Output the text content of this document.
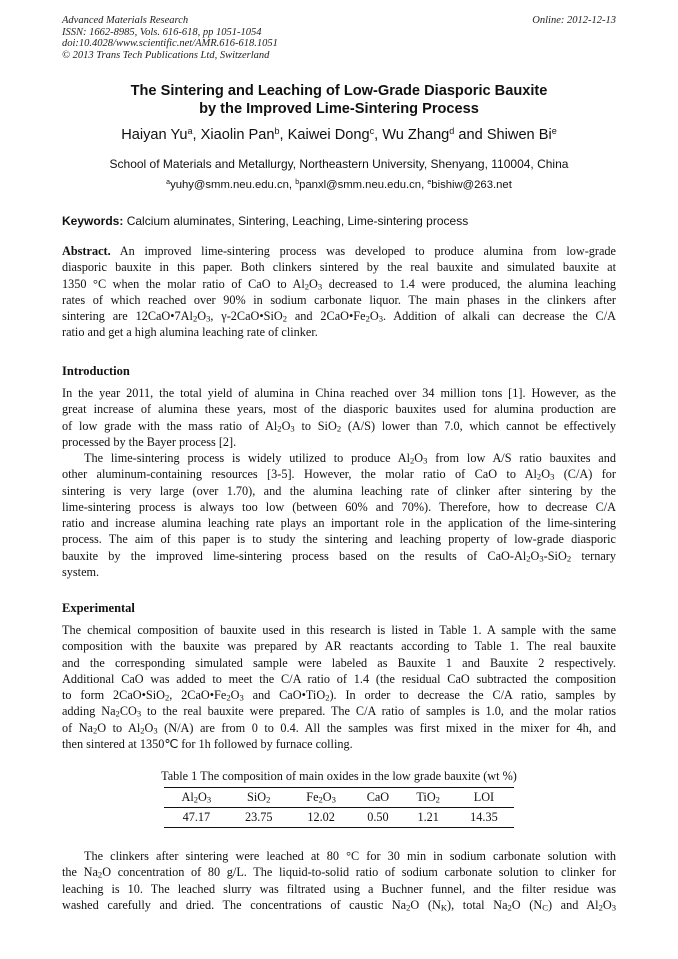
Advanced Materials Research
ISSN: 1662-8985, Vols. 616-618, pp 1051-1054
doi:10.4028/www.scientific.net/AMR.616-618.1051
© 2013 Trans Tech Publications Ltd, Switzerland
Online: 2012-12-13
The Sintering and Leaching of Low-Grade Diasporic Bauxite
by the Improved Lime-Sintering Process
Haiyan Yu$^a$, Xiaolin Pan$^b$, Kaiwei Dong$^c$, Wu Zhang$^d$ and Shiwen Bi$^e$
School of Materials and Metallurgy, Northeastern University, Shenyang, 110004, China
$^a$yuhy@smm.neu.edu.cn, $^b$panxl@smm.neu.edu.cn, $^e$bishiw@263.net
Keywords: Calcium aluminates, Sintering, Leaching, Lime-sintering process
Abstract. An improved lime-sintering process was developed to produce alumina from low-grade
diasporic bauxite in this paper. Both clinkers sintered by the real bauxite and simulated bauxite at
1350 °C when the molar ratio of CaO to $Al_2O_3$ decreased to 1.4 were produced, the alumina leaching
rates of which reached over 90% in sodium carbonate liquor. The main phases in the clinkers after
sintering are $12CaO•7Al_2O_3$, γ-2CaO•SiO$_2$ and $2CaO•Fe_2O_3$. Addition of alkali can decrease the C/A
ratio and get a high alumina leaching rate of clinker.
Introduction
In the year 2011, the total yield of alumina in China reached over 34 million tons [1]. However, as the
great increase of alumina these years, most of the diasporic bauxites used for alumina production are
of low grade with the mass ratio of $Al_2O_3$ to SiO$_2$ (A/S) lower than 7.0, which cannot be effectively
processed by the Bayer process [2].
The lime-sintering process is widely utilized to produce $Al_2O_3$ from low A/S ratio bauxites and
other aluminum-containing resources [3-5]. However, the molar ratio of CaO to $Al_2O_3$ (C/A) for
sintering is very large (over 1.70), and the alumina leaching rate of clinker after sintering by the
lime-sintering process is always too low (between 60% and 70%). Therefore, how to decrease C/A
ratio and increase alumina leaching rate plays an important role in the application of the lime-sintering
process. The aim of this paper is to study the sintering and leaching property of low-grade diasporic
bauxite by the improved lime-sintering process based on the results of CaO-$Al_2O_3-SiO_2$ ternary
system.
Experimental
The chemical composition of bauxite used in this research is listed in Table 1. A sample with the same
composition with the bauxite was prepared by AR reactants according to Table 1. The real bauxite
and the corresponding simulated sample were labeled as Bauxite 1 and Bauxite 2 respectively.
Additional CaO was added to meet the C/A ratio of 1.4 (the residual CaO subtracted the composition
to form 2CaO•SiO$_2$, $2CaO•Fe_2O_3$ and CaO•TiO$_2$). In order to decrease the C/A ratio, samples by
adding $Na_2CO_3$ to the real bauxite were prepared. The C/A ratio of samples is 1.0, and the molar ratios
of $Na_2O$ to $Al_2O_3$ (N/A) are from 0 to 0.4. All the samples was first mixed in the mixer for 4h, and
then sintered at 1350℃ for 1h followed by furnace colling.
Table 1 The composition of main oxides in the low grade bauxite (wt %)
$Al_2O_3$	SiO$_2$	$Fe_2O_3$	CaO	TiO$_2$	LOI
47.17	23.75	12.02	0.50	1.21	14.35
The clinkers after sintering were leached at 80 °C for 30 min in sodium carbonate solution with
the $Na_2O$ concentration of 80 g/L. The liquid-to-solid ratio of sodium carbonate solution to clinker for
leaching is 10. The leached slurry was filtrated using a Buchner funnel, and the filter residue was
washed carefully and dried. The concentrations of caustic $Na_2O$ $(N_K)$, total $Na_2O$ $(N_C)$ and $Al_2O_3$
